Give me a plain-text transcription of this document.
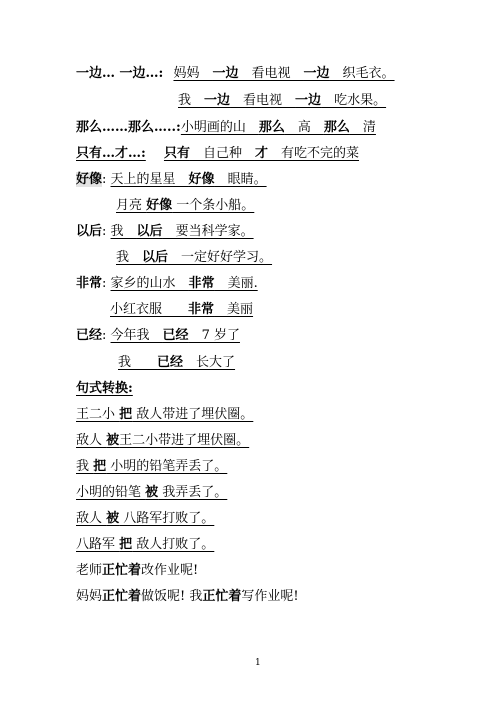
一边… 一边…: 妈妈　一边　看电视　一边　织毛衣。
我　一边　看电视　一边　吃水果。
那么……那么…..:小明画的山　那么　高　那么　清
只有…才…: 只有　自己种　才　有吃不完的菜
好像: 天上的星星　好像　眼睛。
月亮 好像 一个条小船。
以后: 我　以后　要当科学家。
我　以后　一定好好学习。
非常: 家乡的山水　非常　美丽.
小红衣服　　非常　美丽
已经: 今年我　已经　7 岁了
我　　已经　长大了
句式转换:
王二小 把 敌人带进了埋伏圈。
敌人 被王二小带进了埋伏圈。
我 把 小明的铅笔弄丢了。
小明的铅笔 被 我弄丢了。
敌人 被 八路军打败了。
八路军 把 敌人打败了。
老师正忙着改作业呢!
妈妈正忙着做饭呢! 我正忙着写作业呢!
1
